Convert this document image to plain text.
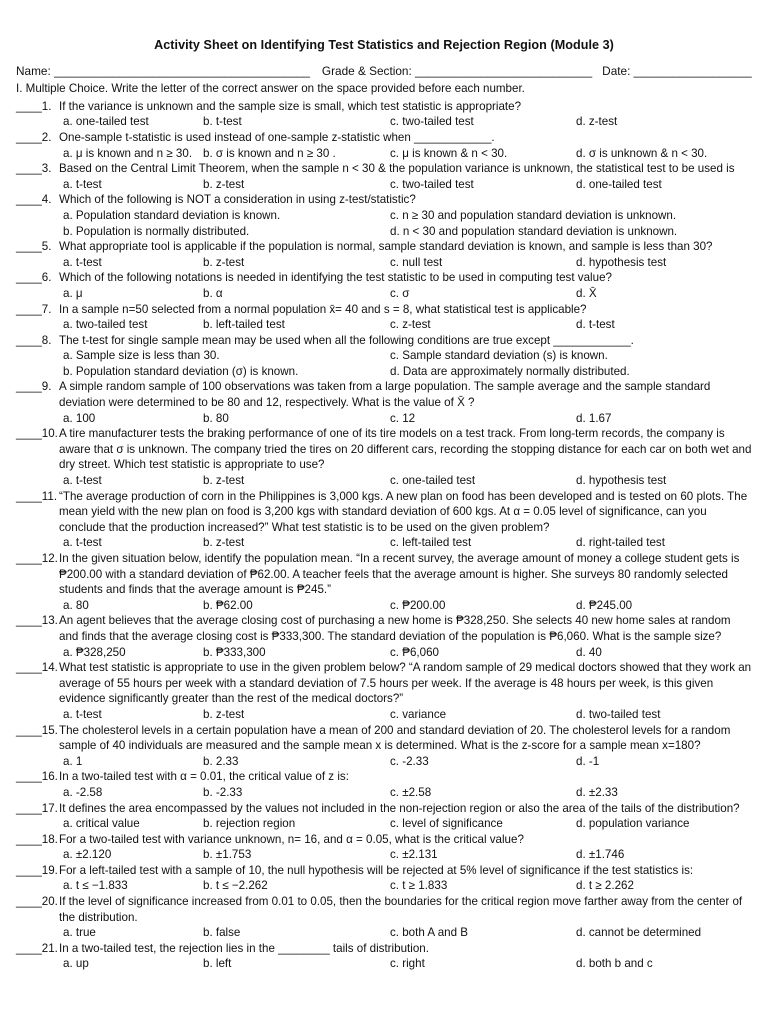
Activity Sheet on Identifying Test Statistics and Rejection Region (Module 3)
Name: _______________________________________ Grade & Section: ___________________________ Date: __________________
I. Multiple Choice. Write the letter of the correct answer on the space provided before each number.
____1. If the variance is unknown and the sample size is small, which test statistic is appropriate?
a. one-tailed test	b. t-test	c. two-tailed test	d. z-test
____2. One-sample t-statistic is used instead of one-sample z-statistic when ____________.
a. μ is known and n ≥ 30. b. σ is known and n ≥ 30 .	c. μ is known & n < 30.	d. σ is unknown & n < 30.
____3. Based on the Central Limit Theorem, when the sample n < 30 & the population variance is unknown, the statistical test to be used is
a. t-test	b. z-test	c. two-tailed test	d. one-tailed test
____4. Which of the following is NOT a consideration in using z-test/statistic?
a. Population standard deviation is known.	c. n ≥ 30 and population standard deviation is unknown.
b. Population is normally distributed.	d. n < 30 and population standard deviation is unknown.
____5. What appropriate tool is applicable if the population is normal, sample standard deviation is known, and sample is less than 30?
a. t-test	b. z-test	c. null test	d. hypothesis test
____6. Which of the following notations is needed in identifying the test statistic to be used in computing test value?
a. μ	b. α	c. σ	d. X̄
____7. In a sample n=50 selected from a normal population x̄= 40 and s = 8, what statistical test is applicable?
a. two-tailed test	b. left-tailed test	c. z-test	d. t-test
____8. The t-test for single sample mean may be used when all the following conditions are true except ____________.
a. Sample size is less than 30.	c. Sample standard deviation (s) is known.
b. Population standard deviation (σ) is known.	d. Data are approximately normally distributed.
____9. A simple random sample of 100 observations was taken from a large population. The sample average and the sample standard deviation were determined to be 80 and 12, respectively. What is the value of X̄ ?
a. 100	b. 80	c. 12	d. 1.67
____10.
A tire manufacturer tests the braking performance of one of its tire models on a test track. From long-term records, the company is aware that σ is unknown. The company tried the tires on 20 different cars, recording the stopping distance for each car on both wet and dry street. Which test statistic is appropriate to use?
a. t-test	b. z-test	c. one-tailed test	d. hypothesis test
____11.
“The average production of corn in the Philippines is 3,000 kgs. A new plan on food has been developed and is tested on 60 plots. The mean yield with the new plan on food is 3,200 kgs with standard deviation of 600 kgs. At α = 0.05 level of significance, can you conclude that the production increased?” What test statistic is to be used on the given problem?
a. t-test	b. z-test	c. left-tailed test	d. right-tailed test
____12.
In the given situation below, identify the population mean. “In a recent survey, the average amount of money a college student gets is ₱200.00 with a standard deviation of ₱62.00. A teacher feels that the average amount is higher. She surveys 80 randomly selected students and finds that the average amount is ₱245.”
a. 80	b. ₱62.00	c. ₱200.00	d. ₱245.00
____13.
An agent believes that the average closing cost of purchasing a new home is ₱328,250. She selects 40 new home sales at random and finds that the average closing cost is ₱333,300. The standard deviation of the population is ₱6,060. What is the sample size?
a. ₱328,250	b. ₱333,300	c. ₱6,060	d. 40
____14.
What test statistic is appropriate to use in the given problem below? “A random sample of 29 medical doctors showed that they work an average of 55 hours per week with a standard deviation of 7.5 hours per week. If the average is 48 hours per week, is this given evidence significantly greater than the rest of the medical doctors?”
a. t-test	b. z-test	c. variance	d. two-tailed test
____15.
The cholesterol levels in a certain population have a mean of 200 and standard deviation of 20. The cholesterol levels for a random sample of 40 individuals are measured and the sample mean x is determined. What is the z-score for a sample mean x=180?
a. 1	b. 2.33	c. -2.33	d. -1
____16.
In a two-tailed test with α = 0.01, the critical value of z is:
a. -2.58	b. -2.33	c. ±2.58	d. ±2.33
____17.
It defines the area encompassed by the values not included in the non-rejection region or also the area of the tails of the distribution?
a. critical value	b. rejection region	c. level of significance	d. population variance
____18.
For a two-tailed test with variance unknown, n= 16, and α = 0.05, what is the critical value?
a. ±2.120	b. ±1.753	c. ±2.131	d. ±1.746
____19.
For a left-tailed test with a sample of 10, the null hypothesis will be rejected at 5% level of significance if the test statistics is:
a. t ≤ −1.833	b. t ≤ −2.262	c. t ≥ 1.833	d. t ≥ 2.262
____20.
If the level of significance increased from 0.01 to 0.05, then the boundaries for the critical region move farther away from the center of the distribution.
a. true	b. false	c. both A and B	d. cannot be determined
____21.
In a two-tailed test, the rejection lies in the ________ tails of distribution.
a. up	b. left	c. right	d. both b and c
